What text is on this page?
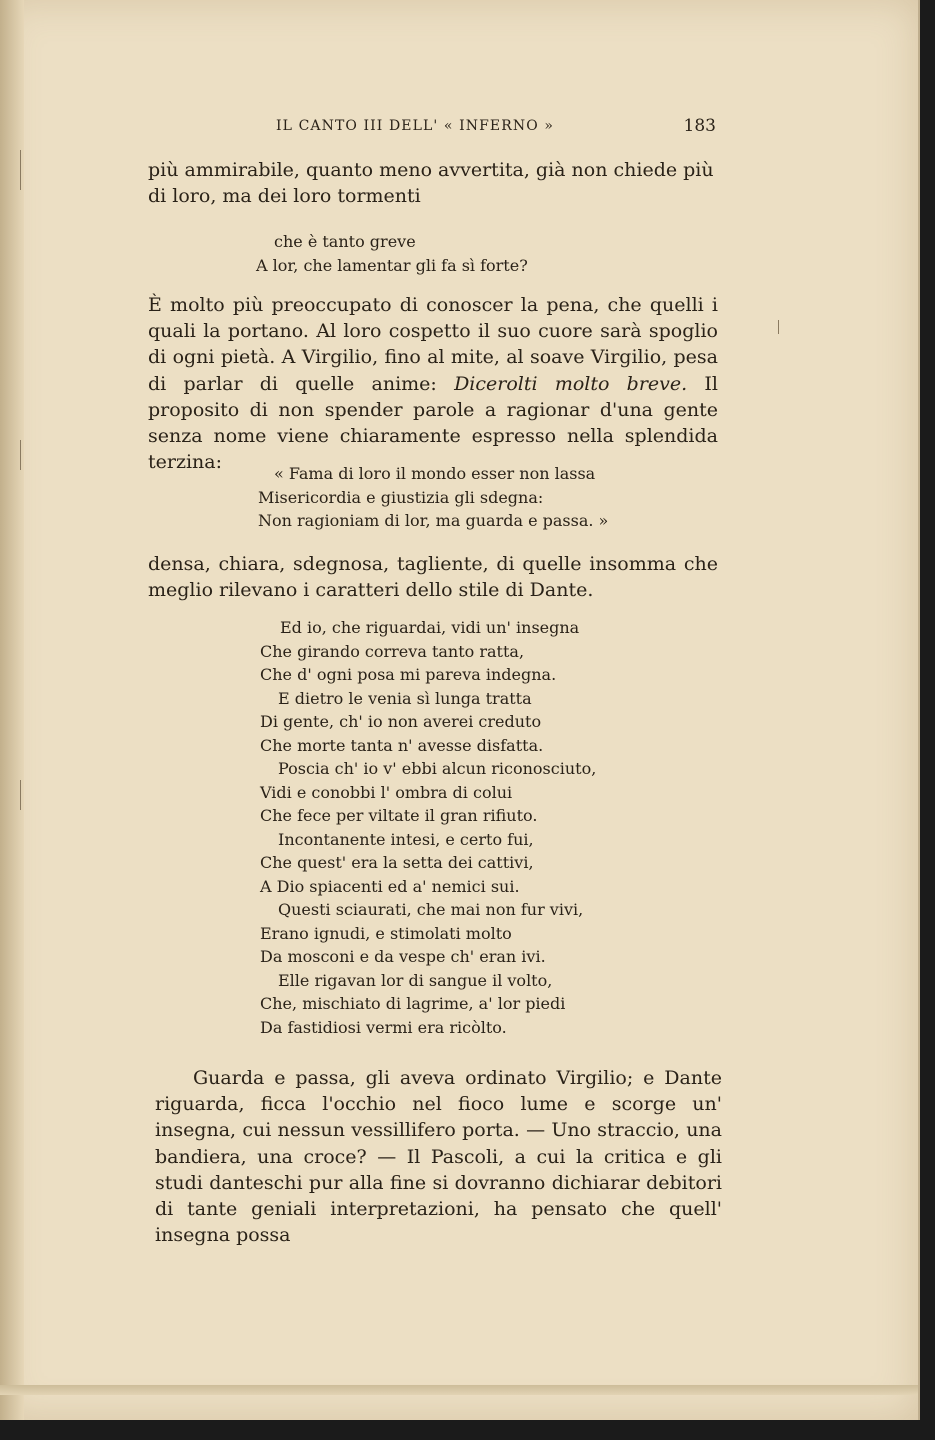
IL CANTO III DELL' « INFERNO »	183

più ammirabile, quanto meno avvertita, già non chiede più

di loro, ma dei loro tormenti

che è tanto greve
A lor, che lamentar gli fa sì forte?

È molto più preoccupato di conoscer la pena, che quelli i quali la portano. Al loro cospetto il suo cuore sarà spoglio di ogni pietà. A Virgilio, fino al mite, al soave Virgilio, pesa di parlar di quelle anime: Dicerolti molto breve. Il proposito di non spender parole a ragionar d'una gente senza nome viene chiaramente espresso nella splendida terzina:

« Fama di loro il mondo esser non lassa
Misericordia e giustizia gli sdegna:
Non ragioniam di lor, ma guarda e passa. »

densa, chiara, sdegnosa, tagliente, di quelle insomma che meglio rilevano i caratteri dello stile di Dante.

Ed io, che riguardai, vidi un' insegna
Che girando correva tanto ratta,
Che d' ogni posa mi pareva indegna.
E dietro le venia sì lunga tratta
Di gente, ch' io non averei creduto
Che morte tanta n' avesse disfatta.
Poscia ch' io v' ebbi alcun riconosciuto,
Vidi e conobbi l' ombra di colui
Che fece per viltate il gran rifiuto.
Incontanente intesi, e certo fui,
Che quest' era la setta dei cattivi,
A Dio spiacenti ed a' nemici sui.
Questi sciaurati, che mai non fur vivi,
Erano ignudi, e stimolati molto
Da mosconi e da vespe ch' eran ivi.
Elle rigavan lor di sangue il volto,
Che, mischiato di lagrime, a' lor piedi
Da fastidiosi vermi era ricòlto.

Guarda e passa, gli aveva ordinato Virgilio; e Dante riguarda, ficca l'occhio nel fioco lume e scorge un' insegna, cui nessun vessillifero porta. — Uno straccio, una bandiera, una croce? — Il Pascoli, a cui la critica e gli studi danteschi pur alla fine si dovranno dichiarar debitori di tante geniali interpretazioni, ha pensato che quell' insegna possa
